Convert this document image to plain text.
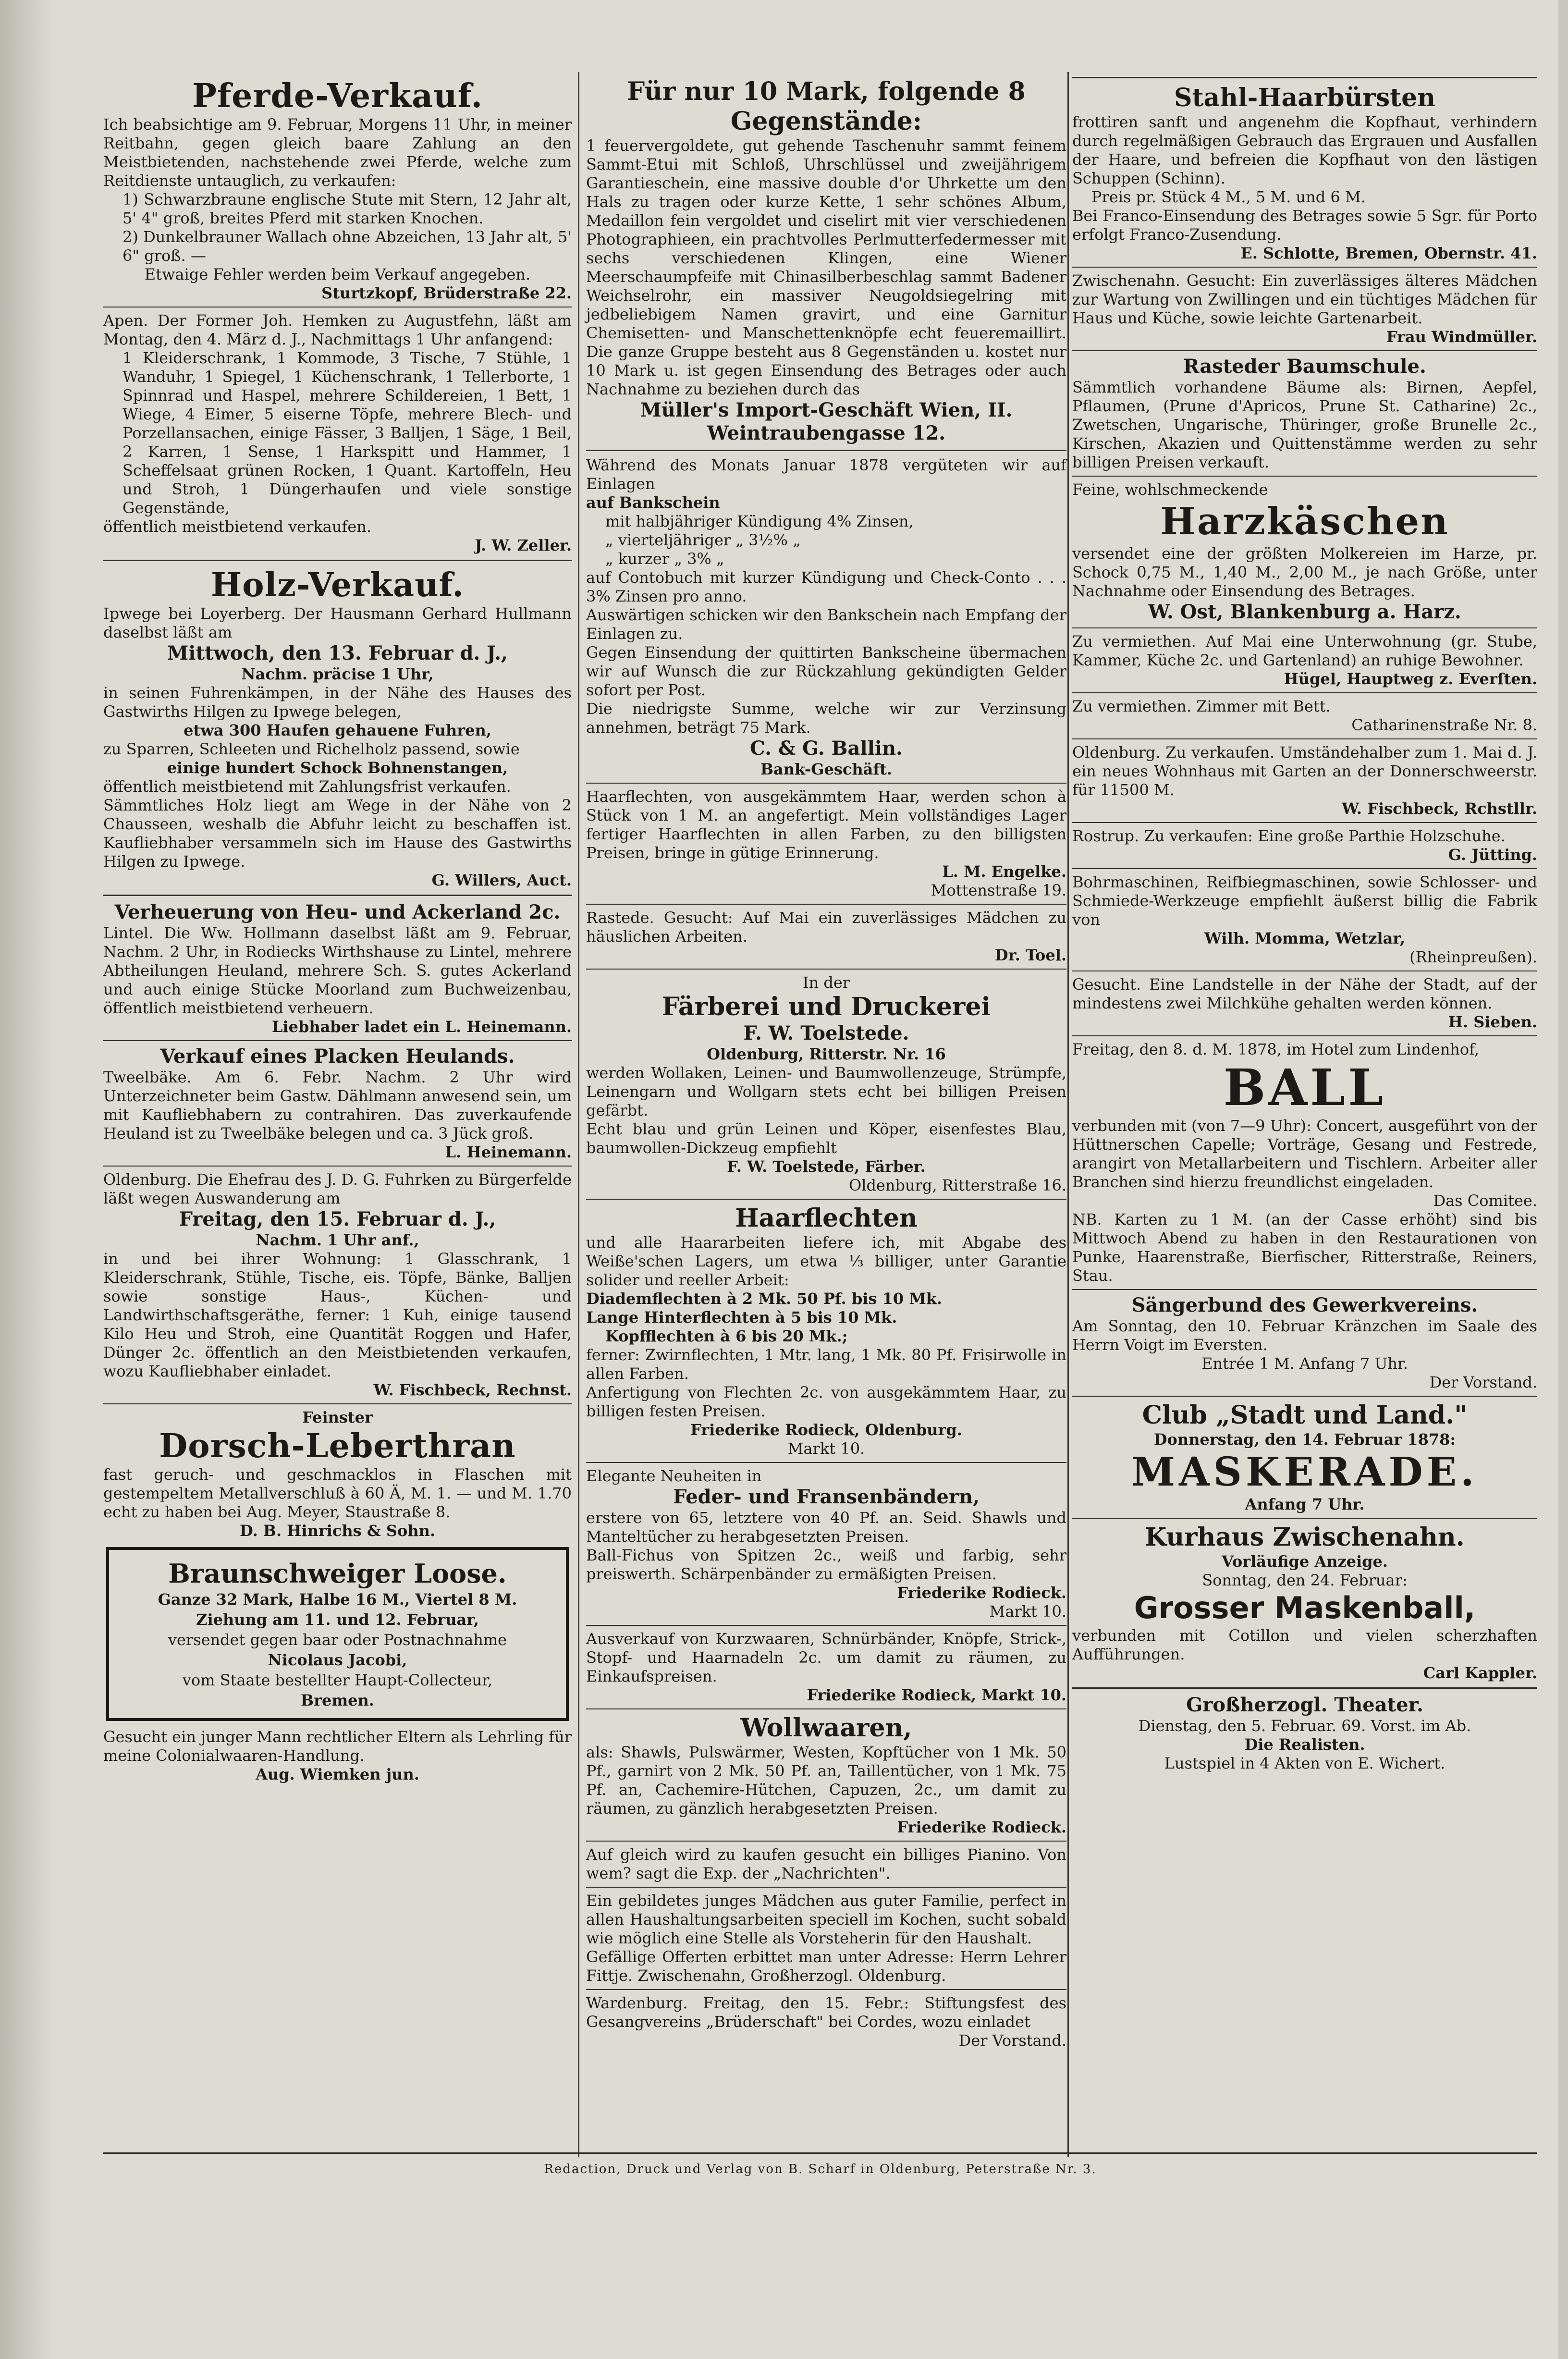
Pferde-Verkauf.

Ich beabsichtige am 9. Februar, Morgens 11 Uhr, in meiner Reitbahn, gegen gleich baare Zahlung an den Meistbietenden, nachstehende zwei Pferde, welche zum Reitdienste untauglich, zu verkaufen:

1) Schwarzbraune englische Stute mit Stern, 12 Jahr alt, 5' 4" groß, breites Pferd mit starken Knochen.

2) Dunkelbrauner Wallach ohne Abzeichen, 13 Jahr alt, 5' 6" groß. —

Etwaige Fehler werden beim Verkauf angegeben.

Sturtzkopf, Brüderstraße 22.

Apen. Der Former Joh. Hemken zu Augustfehn, läßt am Montag, den 4. März d. J., Nachmittags 1 Uhr anfangend:

1 Kleiderschrank, 1 Kommode, 3 Tische, 7 Stühle, 1 Wanduhr, 1 Spiegel, 1 Küchenschrank, 1 Tellerborte, 1 Spinnrad und Haspel, mehrere Schildereien, 1 Bett, 1 Wiege, 4 Eimer, 5 eiserne Töpfe, mehrere Blech- und Porzellansachen, einige Fässer, 3 Balljen, 1 Säge, 1 Beil, 2 Karren, 1 Sense, 1 Harkspitt und Hammer, 1 Scheffelsaat grünen Rocken, 1 Quant. Kartoffeln, Heu und Stroh, 1 Düngerhaufen und viele sonstige Gegenstände,

öffentlich meistbietend verkaufen.

J. W. Zeller.

Holz-Verkauf.

Ipwege bei Loyerberg. Der Hausmann Gerhard Hullmann daselbst läßt am

Mittwoch, den 13. Februar d. J.,

Nachm. präcise 1 Uhr,

in seinen Fuhrenkämpen, in der Nähe des Hauses des Gastwirths Hilgen zu Ipwege belegen,

etwa 300 Haufen gehauene Fuhren,

zu Sparren, Schleeten und Richelholz passend, sowie

einige hundert Schock Bohnenstangen,

öffentlich meistbietend mit Zahlungsfrist verkaufen.

Sämmtliches Holz liegt am Wege in der Nähe von 2 Chausseen, weshalb die Abfuhr leicht zu beschaffen ist. Kaufliebhaber versammeln sich im Hause des Gastwirths Hilgen zu Ipwege.

G. Willers, Auct.

Verheuerung von Heu- und Ackerland 2c.

Lintel. Die Ww. Hollmann daselbst läßt am 9. Februar, Nachm. 2 Uhr, in Rodiecks Wirthshause zu Lintel, mehrere Abtheilungen Heuland, mehrere Sch. S. gutes Ackerland und auch einige Stücke Moorland zum Buchweizenbau, öffentlich meistbietend verheuern.

Liebhaber ladet ein L. Heinemann.

Verkauf eines Placken Heulands.

Tweelbäke. Am 6. Febr. Nachm. 2 Uhr wird Unterzeichneter beim Gastw. Dählmann anwesend sein, um mit Kaufliebhabern zu contrahiren. Das zuverkaufende Heuland ist zu Tweelbäke belegen und ca. 3 Jück groß.

L. Heinemann.

Oldenburg. Die Ehefrau des J. D. G. Fuhrken zu Bürgerfelde läßt wegen Auswanderung am

Freitag, den 15. Februar d. J.,

Nachm. 1 Uhr anf.,

in und bei ihrer Wohnung: 1 Glasschrank, 1 Kleiderschrank, Stühle, Tische, eis. Töpfe, Bänke, Balljen sowie sonstige Haus-, Küchen- und Landwirthschaftsgeräthe, ferner: 1 Kuh, einige tausend Kilo Heu und Stroh, eine Quantität Roggen und Hafer, Dünger 2c. öffentlich an den Meistbietenden verkaufen, wozu Kaufliebhaber einladet.

W. Fischbeck, Rechnst.

Feinster

Dorsch-Leberthran

fast geruch- und geschmacklos in Flaschen mit gestempeltem Metallverschluß à 60 Ä, M. 1. — und M. 1.70 echt zu haben bei Aug. Meyer, Staustraße 8.

D. B. Hinrichs & Sohn.

Braunschweiger Loose.
Ganze 32 Mark, Halbe 16 M., Viertel 8 M.
Ziehung am 11. und 12. Februar,
versendet gegen baar oder Postnachnahme
Nicolaus Jacobi,
vom Staate bestellter Haupt-Collecteur,
Bremen.

Gesucht ein junger Mann rechtlicher Eltern als Lehrling für meine Colonialwaaren-Handlung.

Aug. Wiemken jun.

Für nur 10 Mark, folgende 8 Gegenstände:

1 feuervergoldete, gut gehende Taschenuhr sammt feinem Sammt-Etui mit Schloß, Uhrschlüssel und zweijährigem Garantieschein, eine massive double d'or Uhrkette um den Hals zu tragen oder kurze Kette, 1 sehr schönes Album, Medaillon fein vergoldet und ciselirt mit vier verschiedenen Photographieen, ein prachtvolles Perlmutterfedermesser mit sechs verschiedenen Klingen, eine Wiener Meerschaumpfeife mit Chinasilberbeschlag sammt Badener Weichselrohr, ein massiver Neugoldsiegelring mit jedbeliebigem Namen gravirt, und eine Garnitur Chemisetten- und Manschettenknöpfe echt feueremaillirt. Die ganze Gruppe besteht aus 8 Gegenständen u. kostet nur 10 Mark u. ist gegen Einsendung des Betrages oder auch Nachnahme zu beziehen durch das

Müller's Import-Geschäft Wien, II. Weintraubengasse 12.

Während des Monats Januar 1878 vergüteten wir auf Einlagen

auf Bankschein

mit halbjähriger Kündigung 4% Zinsen,

„ vierteljähriger „ 3½% „

„ kurzer „ 3% „

auf Contobuch mit kurzer Kündigung und Check-Conto . . . 3% Zinsen pro anno.

Auswärtigen schicken wir den Bankschein nach Empfang der Einlagen zu.

Gegen Einsendung der quittirten Bankscheine übermachen wir auf Wunsch die zur Rückzahlung gekündigten Gelder sofort per Post.

Die niedrigste Summe, welche wir zur Verzinsung annehmen, beträgt 75 Mark.

C. & G. Ballin.

Bank-Geschäft.

Haarflechten, von ausgekämmtem Haar, werden schon à Stück von 1 M. an angefertigt. Mein vollständiges Lager fertiger Haarflechten in allen Farben, zu den billigsten Preisen, bringe in gütige Erinnerung.

L. M. Engelke.

Mottenstraße 19.

Rastede. Gesucht: Auf Mai ein zuverlässiges Mädchen zu häuslichen Arbeiten.

Dr. Toel.

In der

Färberei und Druckerei
F. W. Toelstede.

Oldenburg, Ritterstr. Nr. 16

werden Wollaken, Leinen- und Baumwollenzeuge, Strümpfe, Leinengarn und Wollgarn stets echt bei billigen Preisen gefärbt.

Echt blau und grün Leinen und Köper, eisenfestes Blau, baumwollen-Dickzeug empfiehlt

F. W. Toelstede, Färber.

Oldenburg, Ritterstraße 16.

Haarflechten

und alle Haararbeiten liefere ich, mit Abgabe des Weiße'schen Lagers, um etwa ⅓ billiger, unter Garantie solider und reeller Arbeit:

Diademflechten à 2 Mk. 50 Pf. bis 10 Mk.

Lange Hinterflechten à 5 bis 10 Mk.

Kopfflechten à 6 bis 20 Mk.;

ferner: Zwirnflechten, 1 Mtr. lang, 1 Mk. 80 Pf. Frisirwolle in allen Farben.

Anfertigung von Flechten 2c. von ausgekämmtem Haar, zu billigen festen Preisen.

Friederike Rodieck, Oldenburg.

Markt 10.

Elegante Neuheiten in

Feder- und Fransenbändern,

erstere von 65, letztere von 40 Pf. an. Seid. Shawls und Manteltücher zu herabgesetzten Preisen.

Ball-Fichus von Spitzen 2c., weiß und farbig, sehr preiswerth. Schärpenbänder zu ermäßigten Preisen.

Friederike Rodieck.

Markt 10.

Ausverkauf von Kurzwaaren, Schnürbänder, Knöpfe, Strick-, Stopf- und Haarnadeln 2c. um damit zu räumen, zu Einkaufspreisen.

Friederike Rodieck, Markt 10.

Wollwaaren,

als: Shawls, Pulswärmer, Westen, Kopftücher von 1 Mk. 50 Pf., garnirt von 2 Mk. 50 Pf. an, Taillentücher, von 1 Mk. 75 Pf. an, Cachemire-Hütchen, Capuzen, 2c., um damit zu räumen, zu gänzlich herabgesetzten Preisen.

Friederike Rodieck.

Auf gleich wird zu kaufen gesucht ein billiges Pianino. Von wem? sagt die Exp. der „Nachrichten".

Ein gebildetes junges Mädchen aus guter Familie, perfect in allen Haushaltungsarbeiten speciell im Kochen, sucht sobald wie möglich eine Stelle als Vorsteherin für den Haushalt.

Gefällige Offerten erbittet man unter Adresse: Herrn Lehrer Fittje. Zwischenahn, Großherzogl. Oldenburg.

Wardenburg. Freitag, den 15. Febr.: Stiftungsfest des Gesangvereins „Brüderschaft" bei Cordes, wozu einladet

Der Vorstand.

Stahl-Haarbürsten

frottiren sanft und angenehm die Kopfhaut, verhindern durch regelmäßigen Gebrauch das Ergrauen und Ausfallen der Haare, und befreien die Kopfhaut von den lästigen Schuppen (Schinn).

Preis pr. Stück 4 M., 5 M. und 6 M.

Bei Franco-Einsendung des Betrages sowie 5 Sgr. für Porto erfolgt Franco-Zusendung.

E. Schlotte, Bremen, Obernstr. 41.

Zwischenahn. Gesucht: Ein zuverlässiges älteres Mädchen zur Wartung von Zwillingen und ein tüchtiges Mädchen für Haus und Küche, sowie leichte Gartenarbeit.

Frau Windmüller.

Rasteder Baumschule.

Sämmtlich vorhandene Bäume als: Birnen, Aepfel, Pflaumen, (Prune d'Apricos, Prune St. Catharine) 2c., Zwetschen, Ungarische, Thüringer, große Brunelle 2c., Kirschen, Akazien und Quittenstämme werden zu sehr billigen Preisen verkauft.

Feine, wohlschmeckende

Harzkäschen

versendet eine der größten Molkereien im Harze, pr. Schock 0,75 M., 1,40 M., 2,00 M., je nach Größe, unter Nachnahme oder Einsendung des Betrages.

W. Ost, Blankenburg a. Harz.

Zu vermiethen. Auf Mai eine Unterwohnung (gr. Stube, Kammer, Küche 2c. und Gartenland) an ruhige Bewohner.

Hügel, Hauptweg z. Everſten.

Zu vermiethen. Zimmer mit Bett.

Catharinenstraße Nr. 8.

Oldenburg. Zu verkaufen. Umständehalber zum 1. Mai d. J. ein neues Wohnhaus mit Garten an der Donnerschweerstr. für 11500 M.

W. Fischbeck, Rchstllr.

Rostrup. Zu verkaufen: Eine große Parthie Holzschuhe.

G. Jütting.

Bohrmaschinen, Reifbiegmaschinen, sowie Schlosser- und Schmiede-Werkzeuge empfiehlt äußerst billig die Fabrik von

Wilh. Momma, Wetzlar,

(Rheinpreußen).

Gesucht. Eine Landstelle in der Nähe der Stadt, auf der mindestens zwei Milchkühe gehalten werden können.

H. Sieben.

Freitag, den 8. d. M. 1878, im Hotel zum Lindenhof,

BALL

verbunden mit (von 7—9 Uhr): Concert, ausgeführt von der Hüttnerschen Capelle; Vorträge, Gesang und Festrede, arangirt von Metallarbeitern und Tischlern. Arbeiter aller Branchen sind hierzu freundlichst eingeladen.

Das Comitee.

NB. Karten zu 1 M. (an der Casse erhöht) sind bis Mittwoch Abend zu haben in den Restaurationen von Punke, Haarenstraße, Bierfischer, Ritterstraße, Reiners, Stau.

Sängerbund des Gewerkvereins.

Am Sonntag, den 10. Februar Kränzchen im Saale des Herrn Voigt im Eversten.

Entrée 1 M. Anfang 7 Uhr.

Der Vorstand.

Club „Stadt und Land."

Donnerstag, den 14. Februar 1878:

MASKERADE.

Anfang 7 Uhr.

Kurhaus Zwischenahn.

Vorläufige Anzeige.

Sonntag, den 24. Februar:

Grosser Maskenball,

verbunden mit Cotillon und vielen scherzhaften Aufführungen.

Carl Kappler.

Großherzogl. Theater.

Dienstag, den 5. Februar. 69. Vorst. im Ab.

Die Realisten.

Lustspiel in 4 Akten von E. Wichert.

Redaction, Druck und Verlag von B. Scharf in Oldenburg, Peterstraße Nr. 3.
